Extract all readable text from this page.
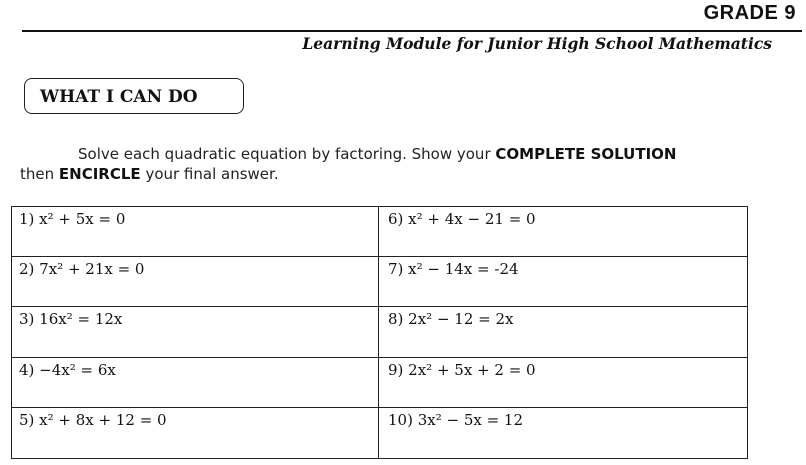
GRADE 9
Learning Module for Junior High School Mathematics
WHAT I CAN DO
Solve each quadratic equation by factoring. Show your COMPLETE SOLUTION
then ENCIRCLE your final answer.
1) x² + 5x = 0	6) x² + 4x − 21 = 0
2) 7x² + 21x = 0	7) x² − 14x = -24
3) 16x² = 12x	8) 2x² − 12 = 2x
4) −4x² = 6x	9) 2x² + 5x + 2 = 0
5) x² + 8x + 12 = 0	10) 3x² − 5x = 12
